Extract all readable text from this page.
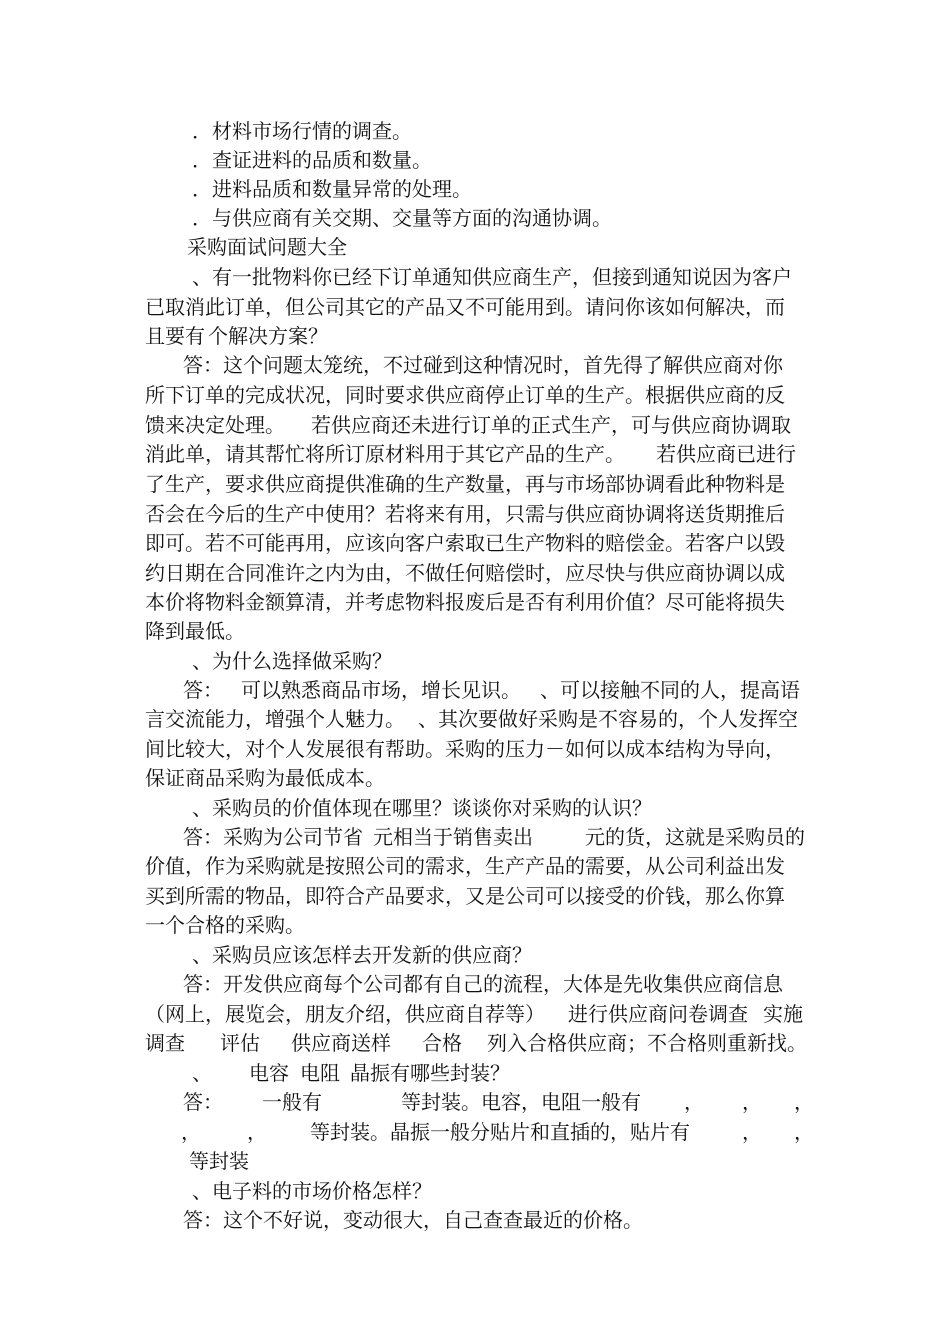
．材料市场行情的调查。
．查证进料的品质和数量。
．进料品质和数量异常的处理。
．与供应商有关交期、交量等方面的沟通协调。
采购面试问题大全
、有一批物料你已经下订单通知供应商生产，但接到通知说因为客户
已取消此订单，但公司其它的产品又不可能用到。请问你该如何解决，而
且要有 个解决方案？
答：这个问题太笼统，不过碰到这种情况时，首先得了解供应商对你
所下订单的完成状况，同时要求供应商停止订单的生产。根据供应商的反
馈来决定处理。 若供应商还未进行订单的正式生产，可与供应商协调取
消此单，请其帮忙将所订原材料用于其它产品的生产。 若供应商已进行
了生产，要求供应商提供准确的生产数量，再与市场部协调看此种物料是
否会在今后的生产中使用？若将来有用，只需与供应商协调将送货期推后
即可。若不可能再用，应该向客户索取已生产物料的赔偿金。若客户以毁
约日期在合同准许之内为由，不做任何赔偿时，应尽快与供应商协调以成
本价将物料金额算清，并考虑物料报废后是否有利用价值？尽可能将损失
降到最低。
、为什么选择做采购？
答： 可以熟悉商品市场，增长见识。 、可以接触不同的人，提高语
言交流能力，增强个人魅力。 、其次要做好采购是不容易的，个人发挥空
间比较大，对个人发展很有帮助。采购的压力－如何以成本结构为导向，
保证商品采购为最低成本。
、采购员的价值体现在哪里？谈谈你对采购的认识？
答：采购为公司节省 元相当于销售卖出	元的货，这就是采购员的
价值，作为采购就是按照公司的需求，生产产品的需要，从公司利益出发
买到所需的物品，即符合产品要求，又是公司可以接受的价钱，那么你算
一个合格的采购。
、采购员应该怎样去开发新的供应商？
答：开发供应商每个公司都有自己的流程，大体是先收集供应商信息
（网上，展览会，朋友介绍，供应商自荐等） 进行供应商问卷调查 实施
调查 评估 供应商送样 合格 列入合格供应商；不合格则重新找。
、 电容 电阻 晶振有哪些封装？
答： 一般有	等封装。电容，电阻一般有 ， ， ，
， ， 等封装。晶振一般分贴片和直插的，贴片有	， ，
等封装
、电子料的市场价格怎样？
答：这个不好说，变动很大，自己查查最近的价格。
